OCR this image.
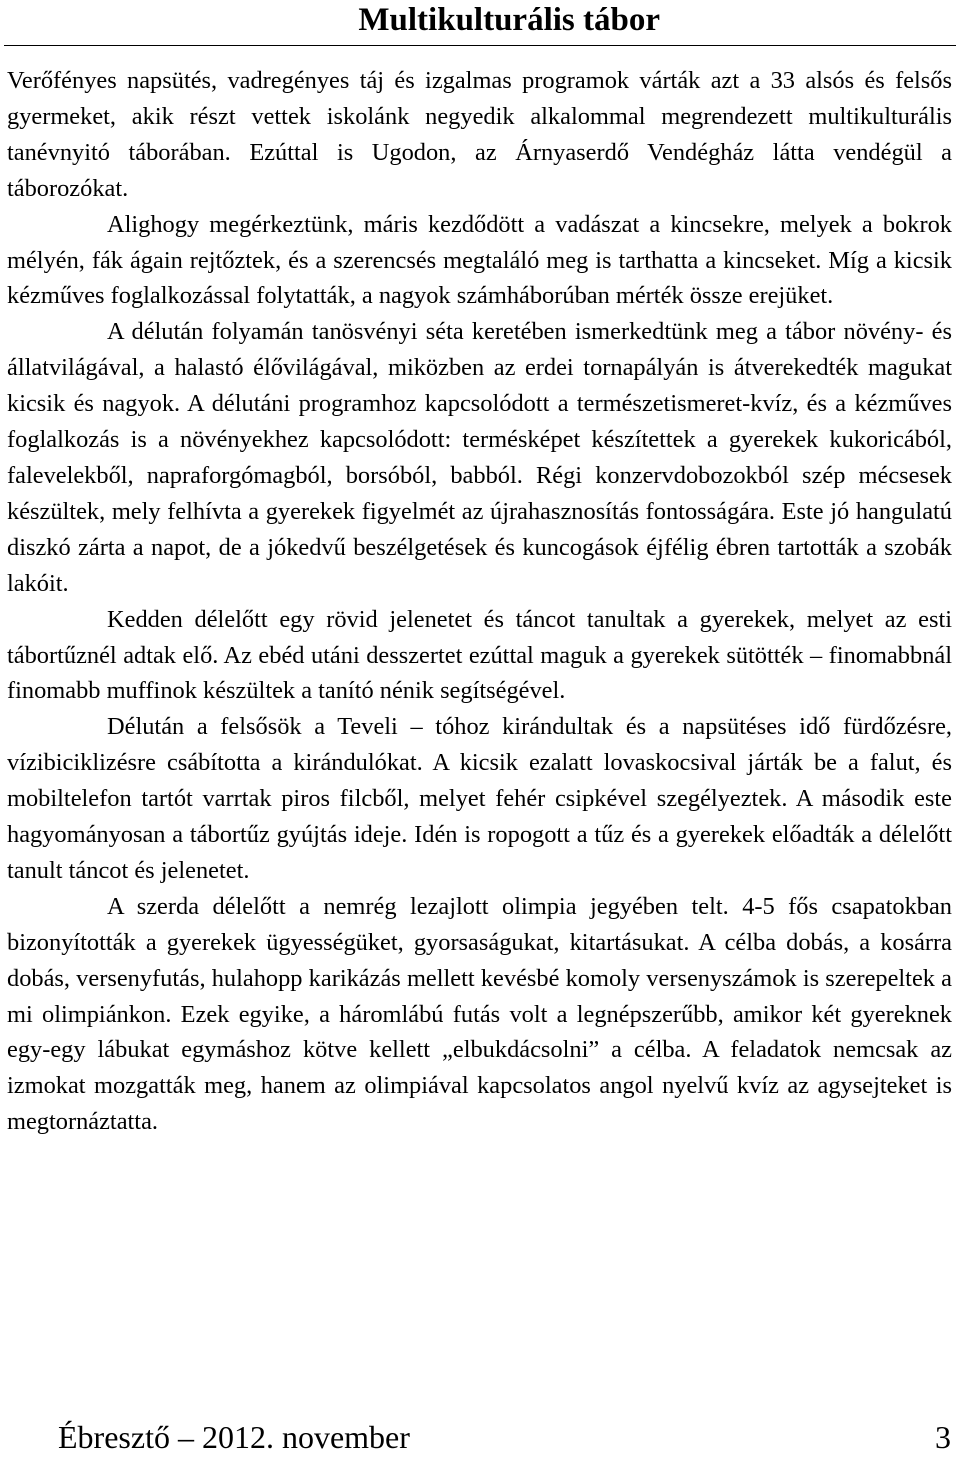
Multikulturális tábor

Verőfényes napsütés, vadregényes táj és izgalmas programok várták azt a 33 alsós és felsős gyermeket, akik részt vettek iskolánk negyedik alkalommal megrendezett multikulturális tanévnyitó táborában. Ezúttal is Ugodon, az Árnyaserdő Vendégház látta vendégül a táborozókat.

Alighogy megérkeztünk, máris kezdődött a vadászat a kincsekre, melyek a bokrok mélyén, fák ágain rejtőztek, és a szerencsés megtaláló meg is tarthatta a kincseket. Míg a kicsik kézműves foglalkozással folytatták, a nagyok számháborúban mérték össze erejüket.

A délután folyamán tanösvényi séta keretében ismerkedtünk meg a tábor növény- és állatvilágával, a halastó élővilágával, miközben az erdei tornapályán is átverekedték magukat kicsik és nagyok. A délutáni programhoz kapcsolódott a természetismeret-kvíz, és a kézműves foglalkozás is a növényekhez kapcsolódott: termésképet készítettek a gyerekek kukoricából, falevelekből, napraforgómagból, borsóból, babból. Régi konzervdobozokból szép mécsesek készültek, mely felhívta a gyerekek figyelmét az újrahasznosítás fontosságára. Este jó hangulatú diszkó zárta a napot, de a jókedvű beszélgetések és kuncogások éjfélig ébren tartották a szobák lakóit.

Kedden délelőtt egy rövid jelenetet és táncot tanultak a gyerekek, melyet az esti tábortűznél adtak elő. Az ebéd utáni desszertet ezúttal maguk a gyerekek sütötték – finomabbnál finomabb muffinok készültek a tanító nénik segítségével.

Délután a felsősök a Teveli – tóhoz kirándultak és a napsütéses idő fürdőzésre, vízibiciklizésre csábította a kirándulókat. A kicsik ezalatt lovaskocsival járták be a falut, és mobiltelefon tartót varrtak piros filcből, melyet fehér csipkével szegélyeztek. A második este hagyományosan a tábortűz gyújtás ideje. Idén is ropogott a tűz és a gyerekek előadták a délelőtt tanult táncot és jelenetet.

A szerda délelőtt a nemrég lezajlott olimpia jegyében telt. 4-5 fős csapatokban bizonyították a gyerekek ügyességüket, gyorsaságukat, kitartásukat. A célba dobás, a kosárra dobás, versenyfutás, hulahopp karikázás mellett kevésbé komoly versenyszámok is szerepeltek a mi olimpiánkon. Ezek egyike, a háromlábú futás volt a legnépszerűbb, amikor két gyereknek egy-egy lábukat egymáshoz kötve kellett „elbukdácsolni” a célba. A feladatok nemcsak az izmokat mozgatták meg, hanem az olimpiával kapcsolatos angol nyelvű kvíz az agysejteket is megtornáztatta.

Ébresztő – 2012. november	3
